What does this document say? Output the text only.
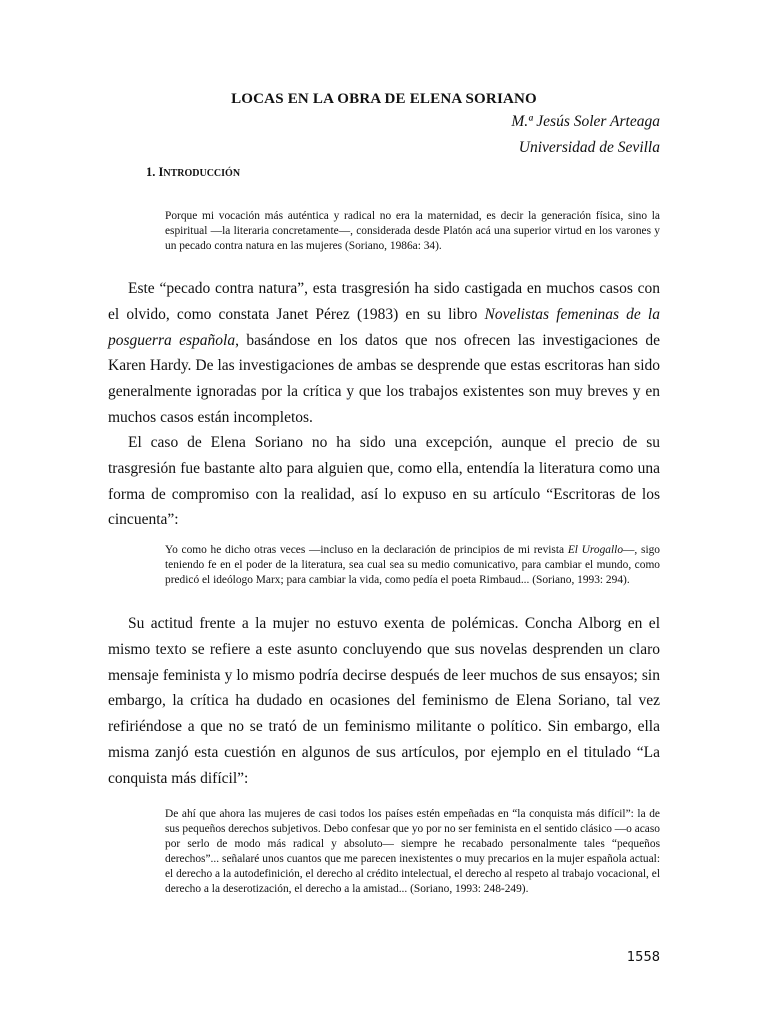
LOCAS EN LA OBRA DE ELENA SORIANO
M.ª Jesús Soler Arteaga
Universidad de Sevilla
1. INTRODUCCIÓN
Porque mi vocación más auténtica y radical no era la maternidad, es decir la generación física, sino la espiritual —la literaria concretamente—, considerada desde Platón acá una superior virtud en los varones y un pecado contra natura en las mujeres (Soriano, 1986a: 34).

Este “pecado contra natura”, esta trasgresión ha sido castigada en muchos casos con el olvido, como constata Janet Pérez (1983) en su libro Novelistas femeninas de la posguerra española, basándose en los datos que nos ofrecen las investigaciones de Karen Hardy. De las investigaciones de ambas se desprende que estas escritoras han sido generalmente ignoradas por la crítica y que los trabajos existentes son muy breves y en muchos casos están incompletos.

El caso de Elena Soriano no ha sido una excepción, aunque el precio de su trasgresión fue bastante alto para alguien que, como ella, entendía la literatura como una forma de compromiso con la realidad, así lo expuso en su artículo “Escritoras de los cincuenta”:

Yo como he dicho otras veces —incluso en la declaración de principios de mi revista El Urogallo—, sigo teniendo fe en el poder de la literatura, sea cual sea su medio comunicativo, para cambiar el mundo, como predicó el ideólogo Marx; para cambiar la vida, como pedía el poeta Rimbaud... (Soriano, 1993: 294).

Su actitud frente a la mujer no estuvo exenta de polémicas. Concha Alborg en el mismo texto se refiere a este asunto concluyendo que sus novelas desprenden un claro mensaje feminista y lo mismo podría decirse después de leer muchos de sus ensayos; sin embargo, la crítica ha dudado en ocasiones del feminismo de Elena Soriano, tal vez refiriéndose a que no se trató de un feminismo militante o político. Sin embargo, ella misma zanjó esta cuestión en algunos de sus artículos, por ejemplo en el titulado “La conquista más difícil”:

De ahí que ahora las mujeres de casi todos los países estén empeñadas en “la conquista más difícil”: la de sus pequeños derechos subjetivos. Debo confesar que yo por no ser feminista en el sentido clásico —o acaso por serlo de modo más radical y absoluto— siempre he recabado personalmente tales “pequeños derechos”... señalaré unos cuantos que me parecen inexistentes o muy precarios en la mujer española actual: el derecho a la autodefinición, el derecho al crédito intelectual, el derecho al respeto al trabajo vocacional, el derecho a la deserotización, el derecho a la amistad... (Soriano, 1993: 248-249).
1558
